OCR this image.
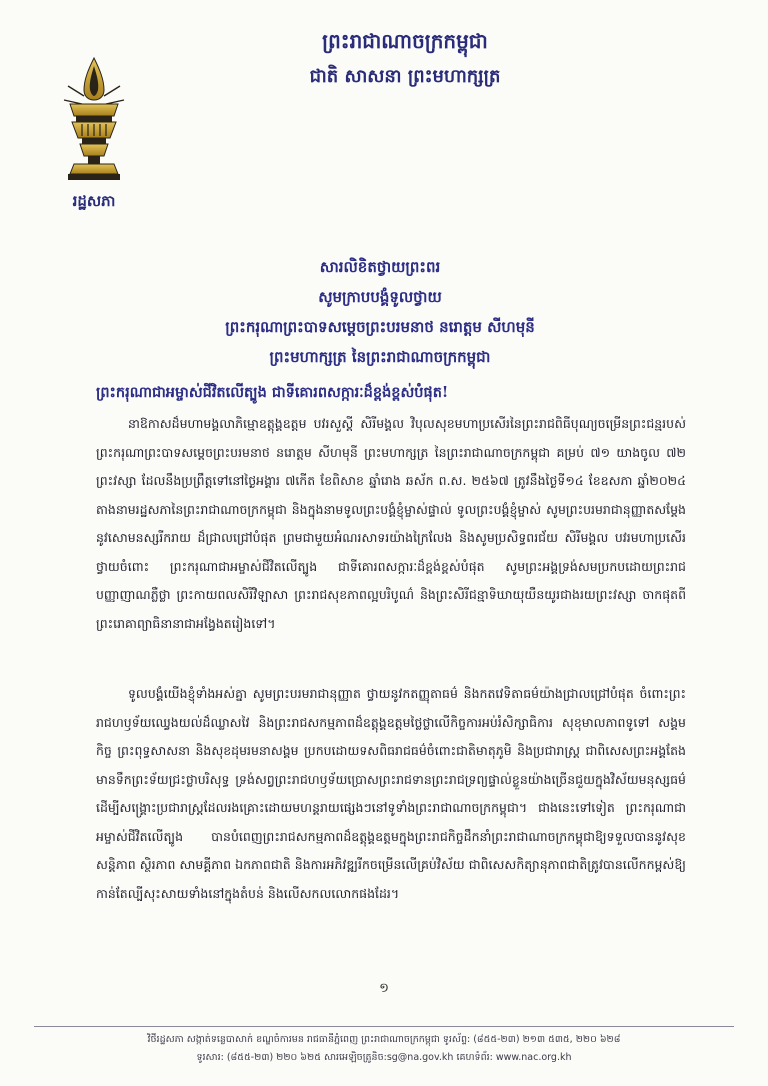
ព្រះរាជាណាចក្រកម្ពុជា
ជាតិ សាសនា ព្រះមហាក្សត្រ
រដ្ឋសភា
សារលិខិតថ្វាយព្រះពរ
សូមក្រាបបង្គំទូលថ្វាយ
ព្រះករុណាព្រះបាទសម្តេចព្រះបរមនាថ នរោត្តម សីហមុនី
ព្រះមហាក្សត្រ នៃព្រះរាជាណាចក្រកម្ពុជា
ព្រះករុណាជាអម្ចាស់ជីវិតលើត្បូង ជាទីគោរពសក្ការៈដ៏ខ្ពង់ខ្ពស់បំផុត!
នាឱកាសដ៏មហាមង្គលាភិម្មោឧត្តុង្គឧត្តម បវរសួស្តី សិរីមង្គល វិបុលសុខមហាប្រសើរនៃព្រះរាជពិធីបុណ្យចម្រើនព្រះជន្មរបស់ ព្រះករុណាព្រះបាទសម្តេចព្រះបរមនាថ នរោត្តម សីហមុនី ព្រះមហាក្សត្រ នៃព្រះរាជាណាចក្រកម្ពុជា គម្រប់ ៧១ យាងចូល ៧២ ព្រះវស្សា ដែលនឹងប្រព្រឹត្តទៅនៅថ្ងៃអង្គារ ៧កើត ខែពិសាខ ឆ្នាំរោង ឆស័ក ព.ស. ២៥៦៧ ត្រូវនឹងថ្ងៃទី១៤ ខែឧសភា ឆ្នាំ២០២៤ តាងនាមរដ្ឋសភានៃព្រះរាជាណាចក្រកម្ពុជា និងក្នុងនាមទូលព្រះបង្គំខ្ញុំម្ចាស់ផ្ទាល់ ទូលព្រះបង្គំខ្ញុំម្ចាស់ សូមព្រះបរមរាជានុញ្ញាតសម្តែងនូវសោមនស្សរីករាយ ដ៏ជ្រាលជ្រៅបំផុត ព្រមជាមួយអំណរសាទរយ៉ាងក្រៃលែង និងសូមប្រសិទ្ធពរជ័យ សិរីមង្គល បវរមហាប្រសើរថ្វាយចំពោះ ព្រះករុណាជាអម្ចាស់ជីវិតលើត្បូង ជាទីគោរពសក្ការៈដ៏ខ្ពង់ខ្ពស់បំផុត សូមព្រះអង្គទ្រង់សមប្រកបដោយព្រះរាជបញ្ញាញាណភ្លឺថ្លា ព្រះកាយពលសិរីវិឡាសា ព្រះរាជសុខភាពល្អបរិបូណ៌ និងព្រះសិរីជន្មាទិឃាយុយឺនយូរជាងរយព្រះវស្សា ចាកផុតពីព្រះរោគាព្យាធិនានាជាអង្វែងតរៀងទៅ។
ទូលបង្គំយើងខ្ញុំទាំងអស់គ្នា សូមព្រះបរមរាជានុញ្ញាត ថ្វាយនូវកតញ្ញុតាធម៌ និងកតវេទិតាធម៌យ៉ាងជ្រាលជ្រៅបំផុត ចំពោះព្រះរាជហឫទ័យឈ្វេងយល់ដ៏ឈ្លាសវៃ និងព្រះរាជសកម្មភាពដ៏ឧត្តុង្គឧត្តមថ្លៃថ្លាលើកិច្ចការអប់រំសិក្សាធិការ សុខុមាលភាពទូទៅ សង្គមកិច្ច ព្រះពុទ្ធសាសនា និងសុខដុមរមនាសង្គម ប្រកបដោយទសពិធរាជធម៌ចំពោះជាតិមាតុភូមិ និងប្រជារាស្ត្រ ជាពិសេសព្រះអង្គតែងមានទឹកព្រះទ័យជ្រះថ្លាបរិសុទ្ធ ទ្រង់សព្វព្រះរាជហឫទ័យប្រោសព្រះរាជទានព្រះរាជទ្រព្យផ្ទាល់ខ្លួនយ៉ាងច្រើនជួយក្នុងវិស័យមនុស្សធម៌ ដើម្បីសង្គ្រោះប្រជារាស្ត្រដែលរងគ្រោះដោយមហន្តរាយផ្សេងៗនៅទូទាំងព្រះរាជាណាចក្រកម្ពុជា។ ជាងនេះទៅទៀត ព្រះករុណាជាអម្ចាស់ជីវិតលើត្បូង បានបំពេញព្រះរាជសកម្មភាពដ៏ឧត្តុង្គឧត្តមក្នុងព្រះរាជកិច្ចដឹកនាំព្រះរាជាណាចក្រកម្ពុជាឱ្យទទួលបាននូវសុខសន្តិភាព ស្ថិរភាព សាមគ្គីភាព ឯកភាពជាតិ និងការអភិវឌ្ឍរីកចម្រើនលើគ្រប់វិស័យ ជាពិសេសកិត្យានុភាពជាតិត្រូវបានលើកកម្ពស់ឱ្យកាន់តែល្បីសុះសាយទាំងនៅក្នុងតំបន់ និងលើសកលលោកផងដែរ។
១
វិថីរដ្ឋសភា សង្កាត់ទន្លេបាសាក់ ខណ្ឌចំការមន រាជធានីភ្នំពេញ ព្រះរាជាណាចក្រកម្ពុជា ទូរស័ព្ទ: (៨៥៥-២៣) ២១៣ ៥៣៥, ២២០ ៦២៨
ទូរសារ: (៨៥៥-២៣) ២២០ ៦២៥ សារអេឡិចត្រូនិច:sg@na.gov.kh គេហទំព័រ: www.nac.org.kh
